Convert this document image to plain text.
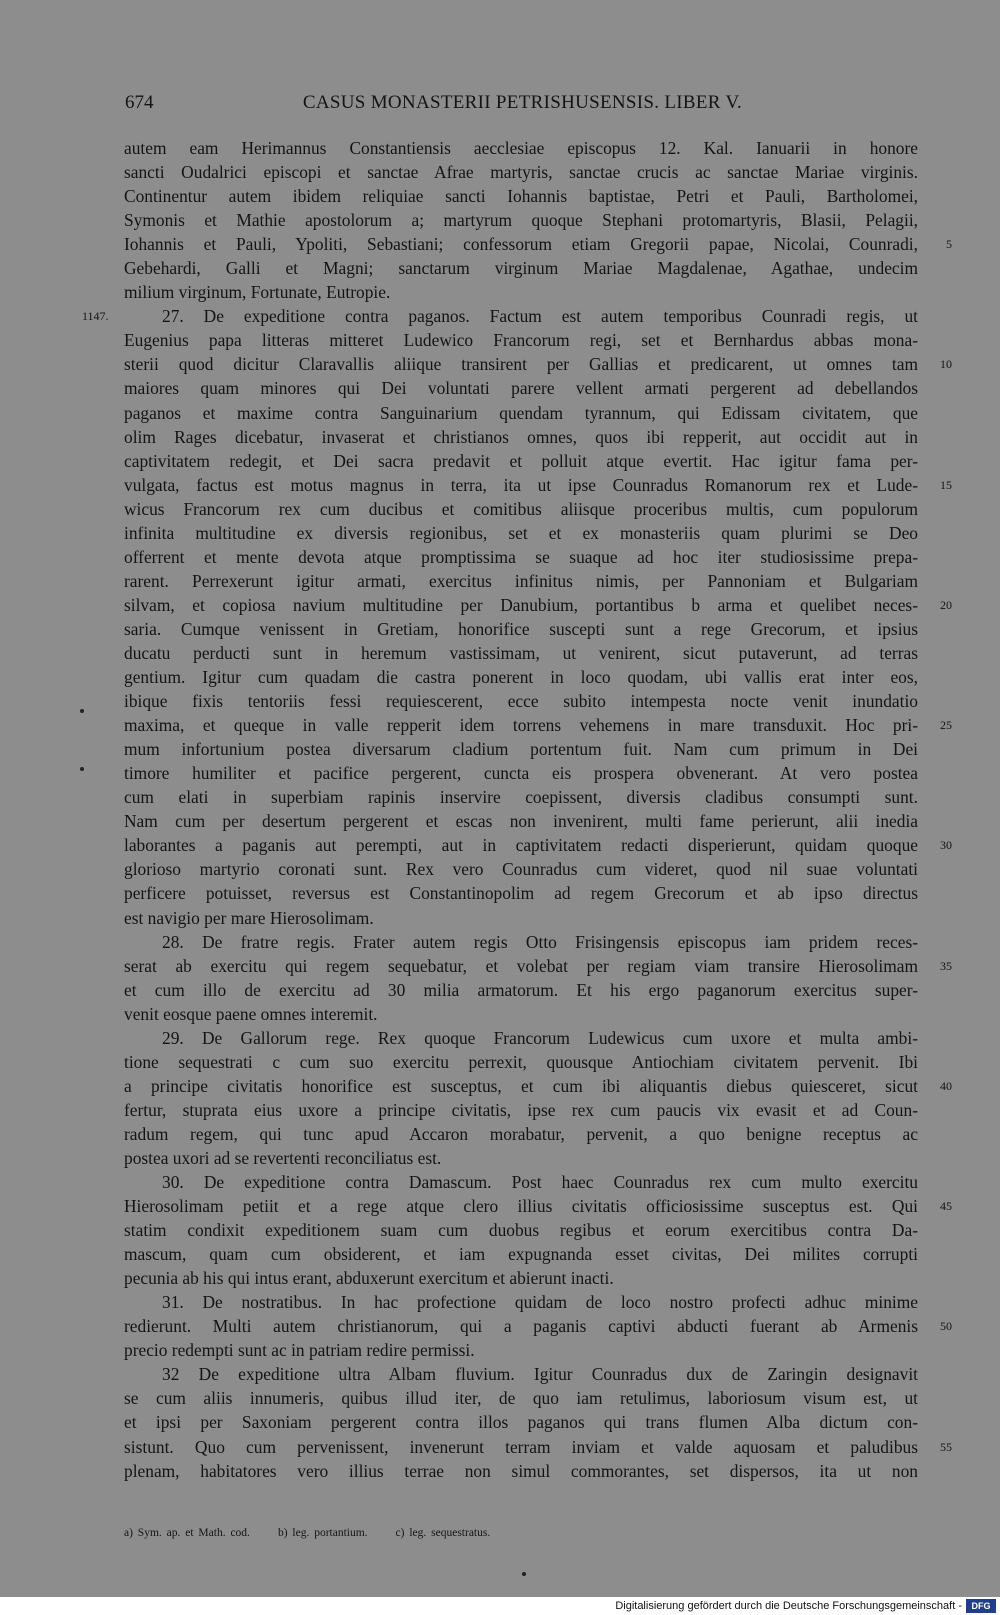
674	CASUS MONASTERII PETRISHUSENSIS. LIBER V.
autem eam Herimannus Constantiensis aecclesiae episcopus 12. Kal. Ianuarii in honore
sancti Oudalrici episcopi et sanctae Afrae martyris, sanctae crucis ac sanctae Mariae virginis.
Continentur autem ibidem reliquiae sancti Iohannis baptistae, Petri et Pauli, Bartholomei,
Symonis et Mathie apostolorum a; martyrum quoque Stephani protomartyris, Blasii, Pelagii,
Iohannis et Pauli, Ypoliti, Sebastiani; confessorum etiam Gregorii papae, Nicolai, Counradi, 5
Gebehardi, Galli et Magni; sanctarum virginum Mariae Magdalenae, Agathae, undecim
milium virginum, Fortunate, Eutropie.
27. De expeditione contra paganos. Factum est autem temporibus Counradi regis, ut
1147.
Eugenius papa litteras mitteret Ludewico Francorum regi, set et Bernhardus abbas mona-
sterii quod dicitur Claravallis aliique transirent per Gallias et predicarent, ut omnes tam 10
maiores quam minores qui Dei voluntati parere vellent armati pergerent ad debellandos
paganos et maxime contra Sanguinarium quendam tyrannum, qui Edissam civitatem, que
olim Rages dicebatur, invaserat et christianos omnes, quos ibi repperit, aut occidit aut in
captivitatem redegit, et Dei sacra predavit et polluit atque evertit. Hac igitur fama per-
vulgata, factus est motus magnus in terra, ita ut ipse Counradus Romanorum rex et Lude- 15
wicus Francorum rex cum ducibus et comitibus aliisque proceribus multis, cum populorum
infinita multitudine ex diversis regionibus, set et ex monasteriis quam plurimi se Deo
offerrent et mente devota atque promptissima se suaque ad hoc iter studiosissime prepa-
rarent. Perrexerunt igitur armati, exercitus infinitus nimis, per Pannoniam et Bulgariam
silvam, et copiosa navium multitudine per Danubium, portantibus b arma et quelibet neces- 20
saria. Cumque venissent in Gretiam, honorifice suscepti sunt a rege Grecorum, et ipsius
ducatu perducti sunt in heremum vastissimam, ut venirent, sicut putaverunt, ad terras
gentium. Igitur cum quadam die castra ponerent in loco quodam, ubi vallis erat inter eos,
ibique fixis tentoriis fessi requiescerent, ecce subito intempesta nocte venit inundatio
maxima, et queque in valle repperit idem torrens vehemens in mare transduxit. Hoc pri- 25
mum infortunium postea diversarum cladium portentum fuit. Nam cum primum in Dei
timore humiliter et pacifice pergerent, cuncta eis prospera obvenerant. At vero postea
cum elati in superbiam rapinis inservire coepissent, diversis cladibus consumpti sunt.
Nam cum per desertum pergerent et escas non invenirent, multi fame perierunt, alii inedia
laborantes a paganis aut perempti, aut in captivitatem redacti disperierunt, quidam quoque 30
glorioso martyrio coronati sunt. Rex vero Counradus cum videret, quod nil suae voluntati
perficere potuisset, reversus est Constantinopolim ad regem Grecorum et ab ipso directus
est navigio per mare Hierosolimam.
28. De fratre regis. Frater autem regis Otto Frisingensis episcopus iam pridem reces-
serat ab exercitu qui regem sequebatur, et volebat per regiam viam transire Hierosolimam 35
et cum illo de exercitu ad 30 milia armatorum. Et his ergo paganorum exercitus super-
venit eosque paene omnes interemit.
29. De Gallorum rege. Rex quoque Francorum Ludewicus cum uxore et multa ambi-
tione sequestrati c cum suo exercitu perrexit, quousque Antiochiam civitatem pervenit. Ibi
a principe civitatis honorifice est susceptus, et cum ibi aliquantis diebus quiesceret, sicut 40
fertur, stuprata eius uxore a principe civitatis, ipse rex cum paucis vix evasit et ad Coun-
radum regem, qui tunc apud Accaron morabatur, pervenit, a quo benigne receptus ac
postea uxori ad se revertenti reconciliatus est.
30. De expeditione contra Damascum. Post haec Counradus rex cum multo exercitu
Hierosolimam petiit et a rege atque clero illius civitatis officiosissime susceptus est. Qui 45
statim condixit expeditionem suam cum duobus regibus et eorum exercitibus contra Da-
mascum, quam cum obsiderent, et iam expugnanda esset civitas, Dei milites corrupti
pecunia ab his qui intus erant, abduxerunt exercitum et abierunt inacti.
31. De nostratibus. In hac profectione quidam de loco nostro profecti adhuc minime
redierunt. Multi autem christianorum, qui a paganis captivi abducti fuerant ab Armenis 50
precio redempti sunt ac in patriam redire permissi.
32 De expeditione ultra Albam fluvium. Igitur Counradus dux de Zaringin designavit
se cum aliis innumeris, quibus illud iter, de quo iam retulimus, laboriosum visum est, ut
et ipsi per Saxoniam pergerent contra illos paganos qui trans flumen Alba dictum con-
sistunt. Quo cum pervenissent, invenerunt terram inviam et valde aquosam et paludibus 55
plenam, habitatores vero illius terrae non simul commorantes, set dispersos, ita ut non
a) Sym. ap. et Math. cod. b) leg. portantium. c) leg. sequestratus.
Digitalisierung gefördert durch die Deutsche Forschungsgemeinschaft -	DFG
